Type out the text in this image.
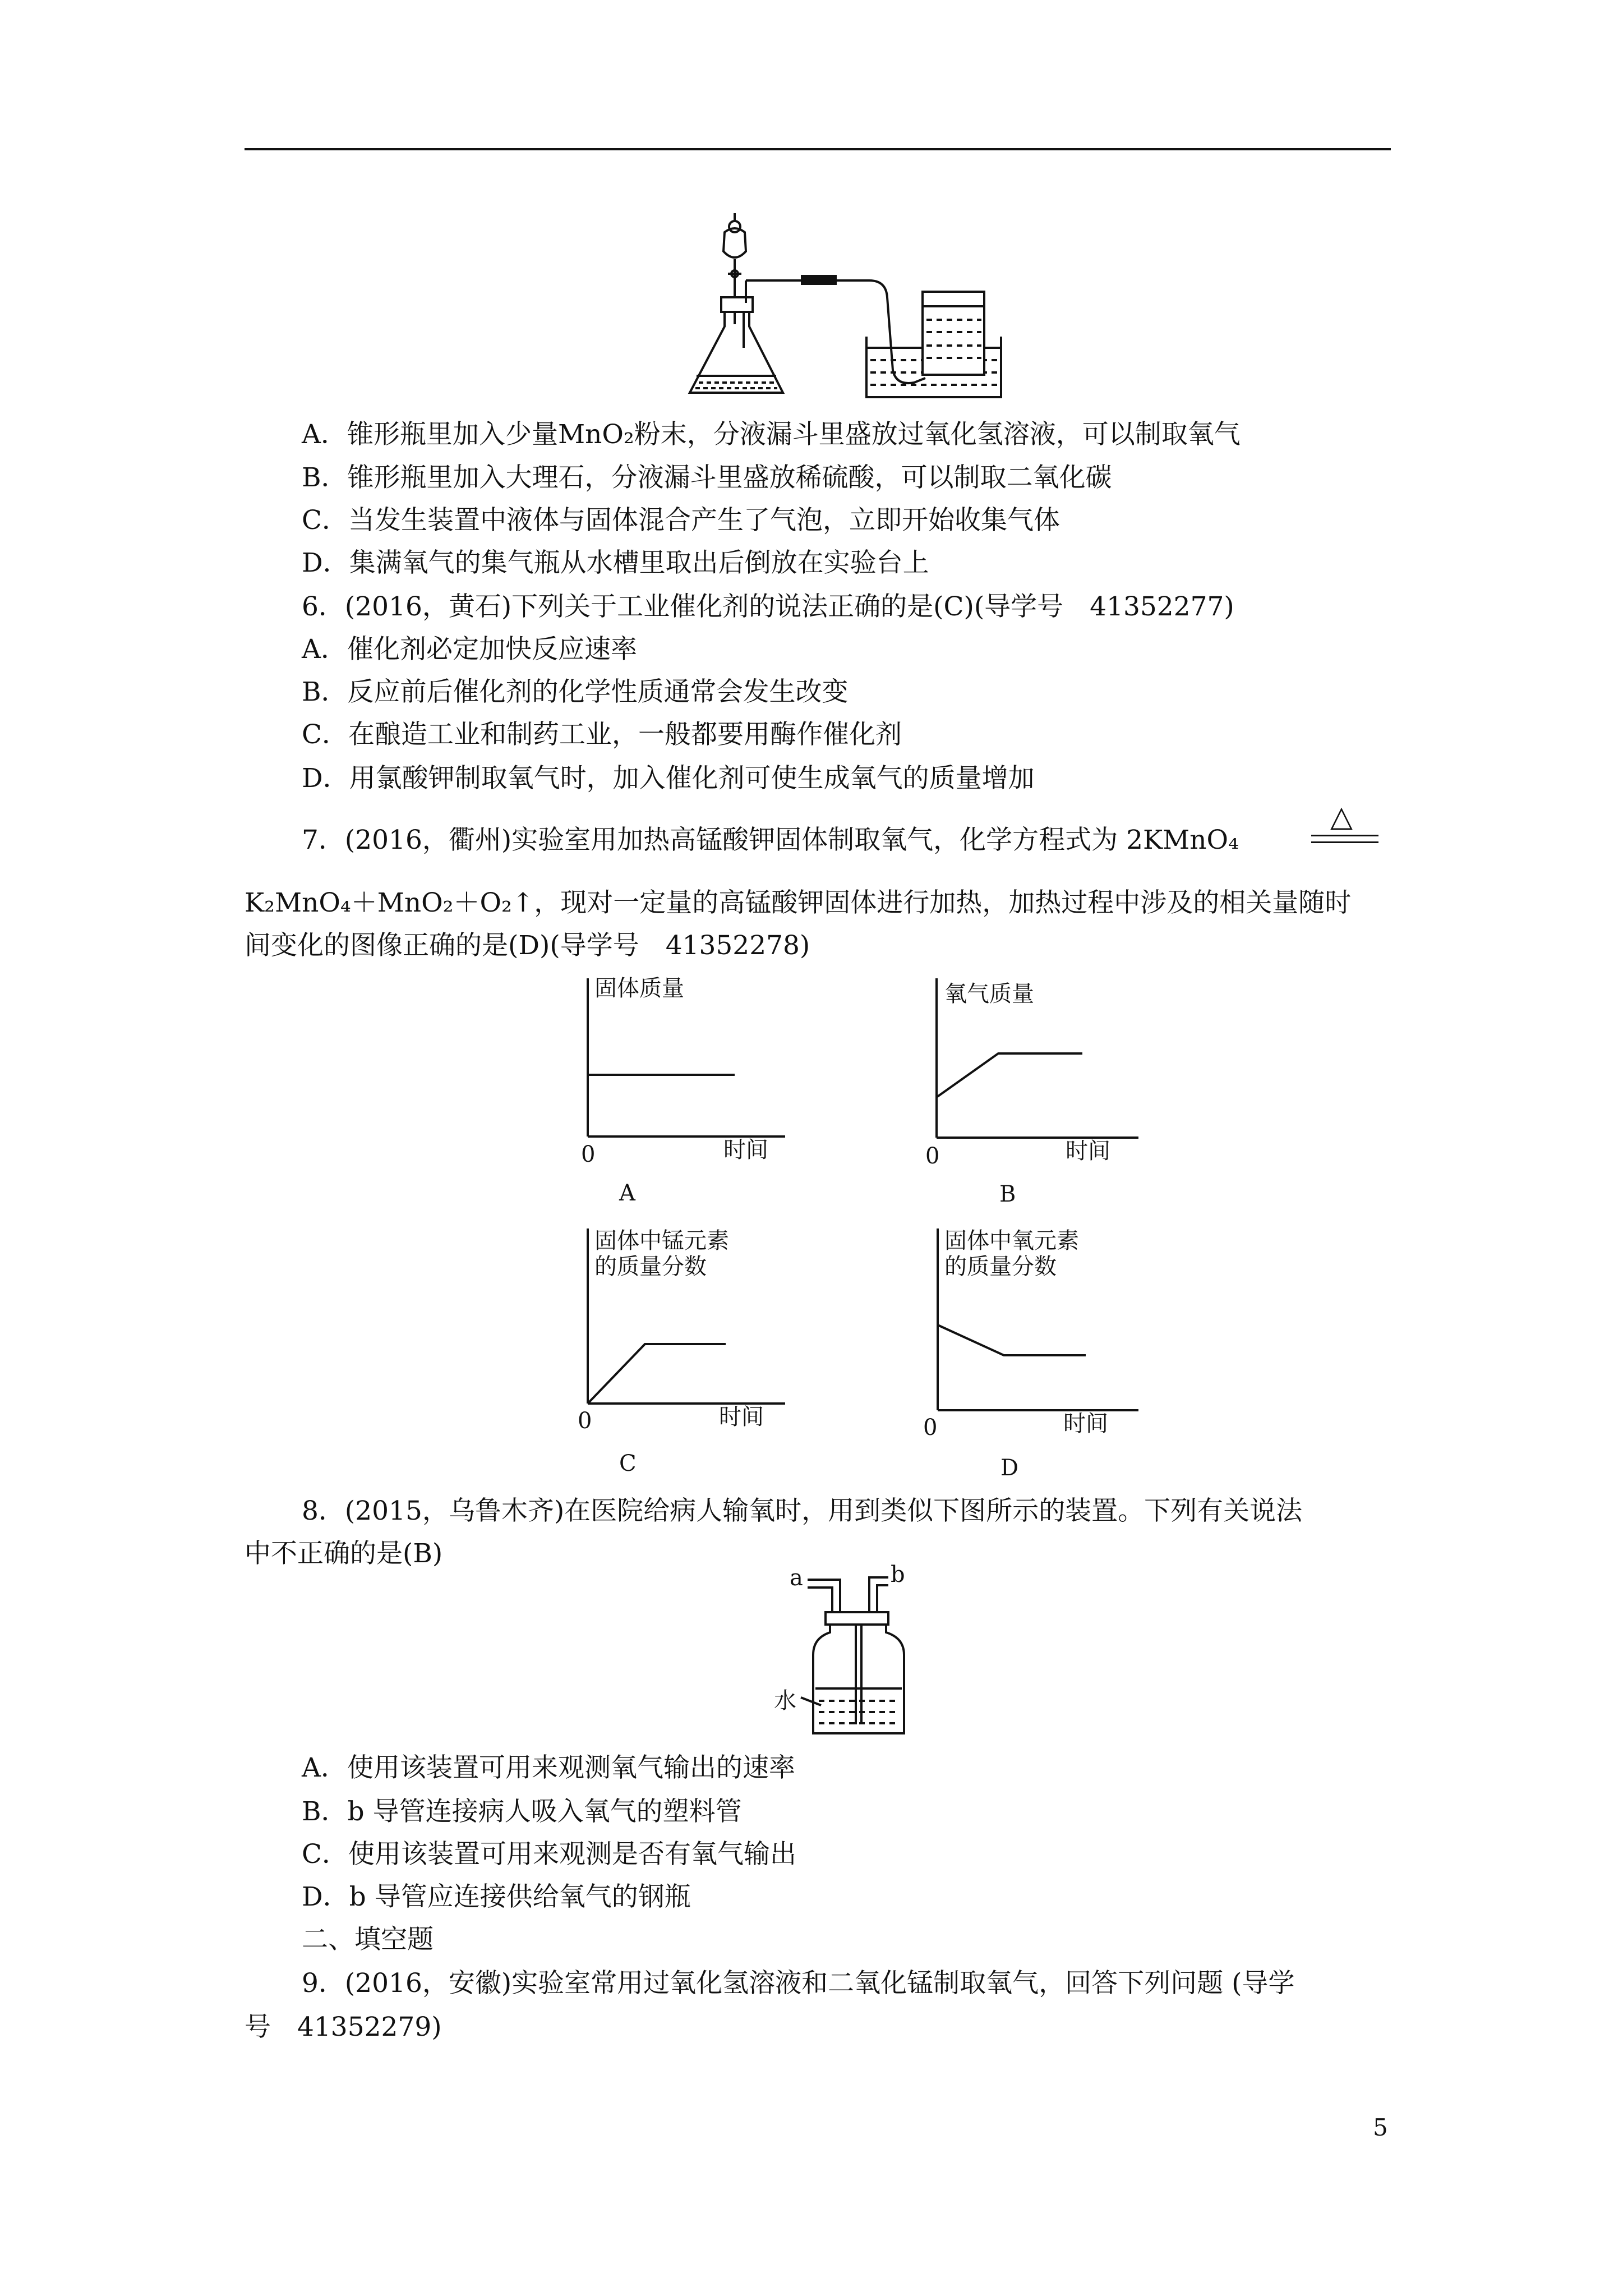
A．锥形瓶里加入少量MnO₂粉末，分液漏斗里盛放过氧化氢溶液，可以制取氧气
B．锥形瓶里加入大理石，分液漏斗里盛放稀硫酸，可以制取二氧化碳
C．当发生装置中液体与固体混合产生了气泡，立即开始收集气体
D．集满氧气的集气瓶从水槽里取出后倒放在实验台上
6．(2016，黄石)下列关于工业催化剂的说法正确的是(C)(导学号　41352277)
A．催化剂必定加快反应速率
B．反应前后催化剂的化学性质通常会发生改变
C．在酿造工业和制药工业，一般都要用酶作催化剂
D．用氯酸钾制取氧气时，加入催化剂可使生成氧气的质量增加
7．(2016，衢州)实验室用加热高锰酸钾固体制取氧气，化学方程式为 2KMnO₄
△
K₂MnO₄＋MnO₂＋O₂↑，现对一定量的高锰酸钾固体进行加热，加热过程中涉及的相关量随时
间变化的图像正确的是(D)(导学号　41352278)
固体质量
0	时间
A
氧气质量
0	时间
B
固体中锰元素
的质量分数
0	时间
C
固体中氧元素
的质量分数
0	时间
D
8．(2015，乌鲁木齐)在医院给病人输氧时，用到类似下图所示的装置。下列有关说法
中不正确的是(B)
a	b
水
A．使用该装置可用来观测氧气输出的速率
B．b 导管连接病人吸入氧气的塑料管
C．使用该装置可用来观测是否有氧气输出
D．b 导管应连接供给氧气的钢瓶
二、填空题
9．(2016，安徽)实验室常用过氧化氢溶液和二氧化锰制取氧气，回答下列问题 (导学
号　41352279)
5
